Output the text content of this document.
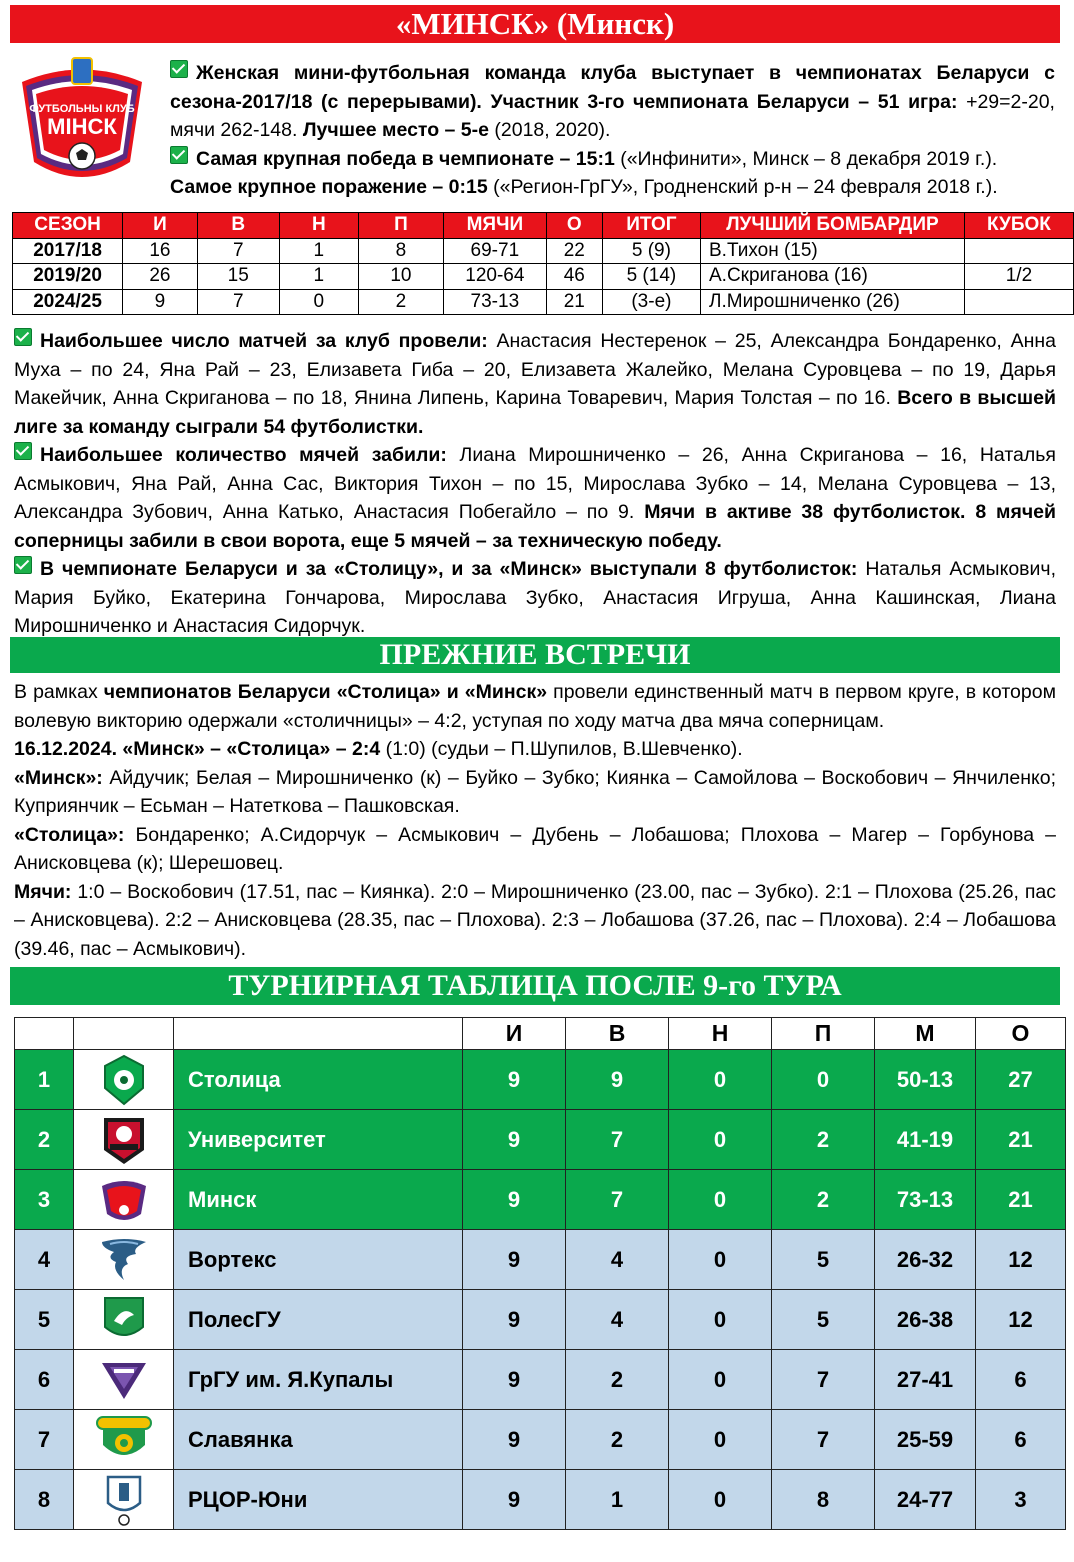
«МИНСК» (Минск)
ФУТБОЛЬНЫ КЛУБ
МІНСК
Женская мини-футбольная команда клуба выступает в чемпионатах Беларуси с сезона-2017/18 (с перерывами). Участник 3-го чемпионата Беларуси – 51 игра: +29=2-20, мячи 262-148. Лучшее место – 5-е (2018, 2020).
Самая крупная победа в чемпионате – 15:1 («Инфинити», Минск – 8 декабря 2019 г.).
Самое крупное поражение – 0:15 («Регион-ГрГУ», Гродненский р-н – 24 февраля 2018 г.).
СЕЗОН	И	В	Н	П	МЯЧИ	О	ИТОГ	ЛУЧШИЙ БОМБАРДИР	КУБОК
2017/18	16	7	1	8	69-71	22	5 (9)	В.Тихон (15)	
2019/20	26	15	1	10	120-64	46	5 (14)	А.Скриганова (16)	1/2
2024/25	9	7	0	2	73-13	21	(3-е)	Л.Мирошниченко (26)	
Наибольшее число матчей за клуб провели: Анастасия Нестеренок – 25, Александра Бондаренко, Анна Муха – по 24, Яна Рай – 23, Елизавета Гиба – 20, Елизавета Жалейко, Мелана Суровцева – по 19, Дарья Макейчик, Анна Скриганова – по 18, Янина Липень, Карина Товаревич, Мария Толстая – по 16. Всего в высшей лиге за команду сыграли 54 футболистки.
Наибольшее количество мячей забили: Лиана Мирошниченко – 26, Анна Скриганова – 16, Наталья Асмыкович, Яна Рай, Анна Сас, Виктория Тихон – по 15, Мирослава Зубко – 14, Мелана Суровцева – 13, Александра Зубович, Анна Катько, Анастасия Побегайло – по 9. Мячи в активе 38 футболисток. 8 мячей соперницы забили в свои ворота, еще 5 мячей – за техническую победу.
В чемпионате Беларуси и за «Столицу», и за «Минск» выступали 8 футболисток: Наталья Асмыкович, Мария Буйко, Екатерина Гончарова, Мирослава Зубко, Анастасия Игруша, Анна Кашинская, Лиана Мирошниченко и Анастасия Сидорчук.
ПРЕЖНИЕ ВСТРЕЧИ
В рамках чемпионатов Беларуси «Столица» и «Минск» провели единственный матч в первом круге, в котором волевую викторию одержали «столичницы» – 4:2, уступая по ходу матча два мяча соперницам.
16.12.2024. «Минск» – «Столица» – 2:4 (1:0) (судьи – П.Шупилов, В.Шевченко).
«Минск»: Айдучик; Белая – Мирошниченко (к) – Буйко – Зубко; Киянка – Самойлова – Воскобович – Янчиленко; Куприянчик – Есьман – Натеткова – Пашковская.
«Столица»: Бондаренко; А.Сидорчук – Асмыкович – Дубень – Лобашова; Плохова – Магер – Горбунова – Анисковцева (к); Шерешовец.
Мячи: 1:0 – Воскобович (17.51, пас – Киянка). 2:0 – Мирошниченко (23.00, пас – Зубко). 2:1 – Плохова (25.26, пас – Анисковцева). 2:2 – Анисковцева (28.35, пас – Плохова). 2:3 – Лобашова (37.26, пас – Плохова). 2:4 – Лобашова (39.46, пас – Асмыкович).
ТУРНИРНАЯ ТАБЛИЦА ПОСЛЕ 9-го ТУРА
			И	В	Н	П	М	О
1		Столица	9	9	0	0	50-13	27
2		Университет	9	7	0	2	41-19	21
3		Минск	9	7	0	2	73-13	21
4		Вортекс	9	4	0	5	26-32	12
5		ПолесГУ	9	4	0	5	26-38	12
6		ГрГУ им. Я.Купалы	9	2	0	7	27-41	6
7		Славянка	9	2	0	7	25-59	6
8		РЦОР-Юни	9	1	0	8	24-77	3
